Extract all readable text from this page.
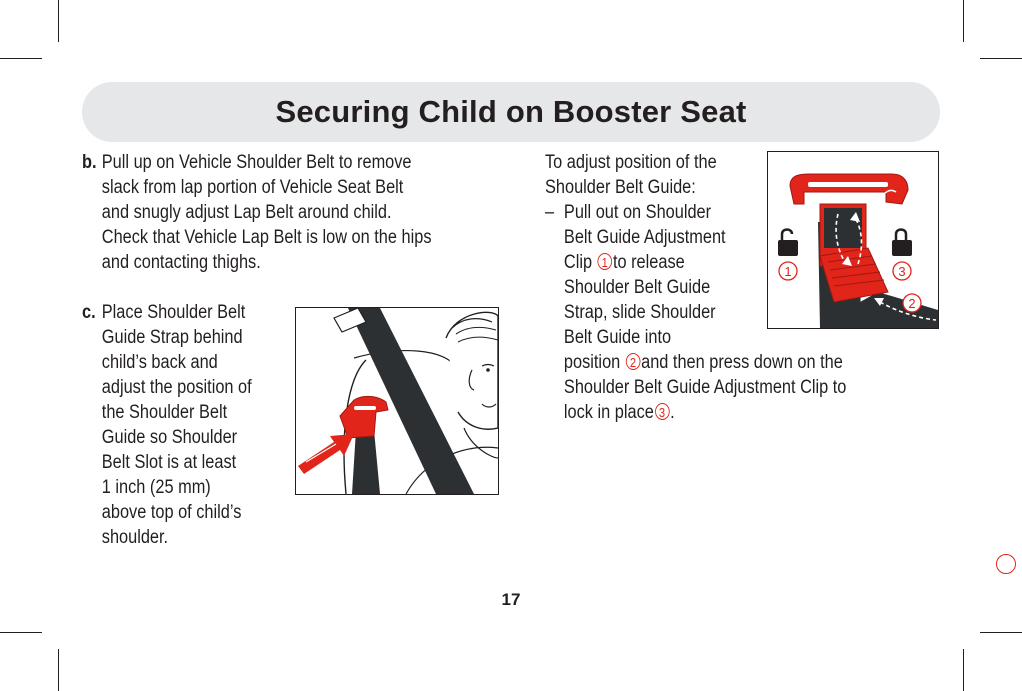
Securing Child on Booster Seat
b. Pull up on Vehicle Shoulder Belt to remove
slack from lap portion of Vehicle Seat Belt
and snugly adjust Lap Belt around child.
Check that Vehicle Lap Belt is low on the hips
and contacting thighs.
c. Place Shoulder Belt
Guide Strap behind
child’s back and
adjust the position of
the Shoulder Belt
Guide so Shoulder
Belt Slot is at least
1 inch (25 mm)
above top of child’s
shoulder.
To adjust position of the
Shoulder Belt Guide:
– Pull out on Shoulder
Belt Guide Adjustment
Clip 1 to release
Shoulder Belt Guide
Strap, slide Shoulder
Belt Guide into
position 2 and then press down on the
Shoulder Belt Guide Adjustment Clip to
lock in place 3 .
1	3
2
17
